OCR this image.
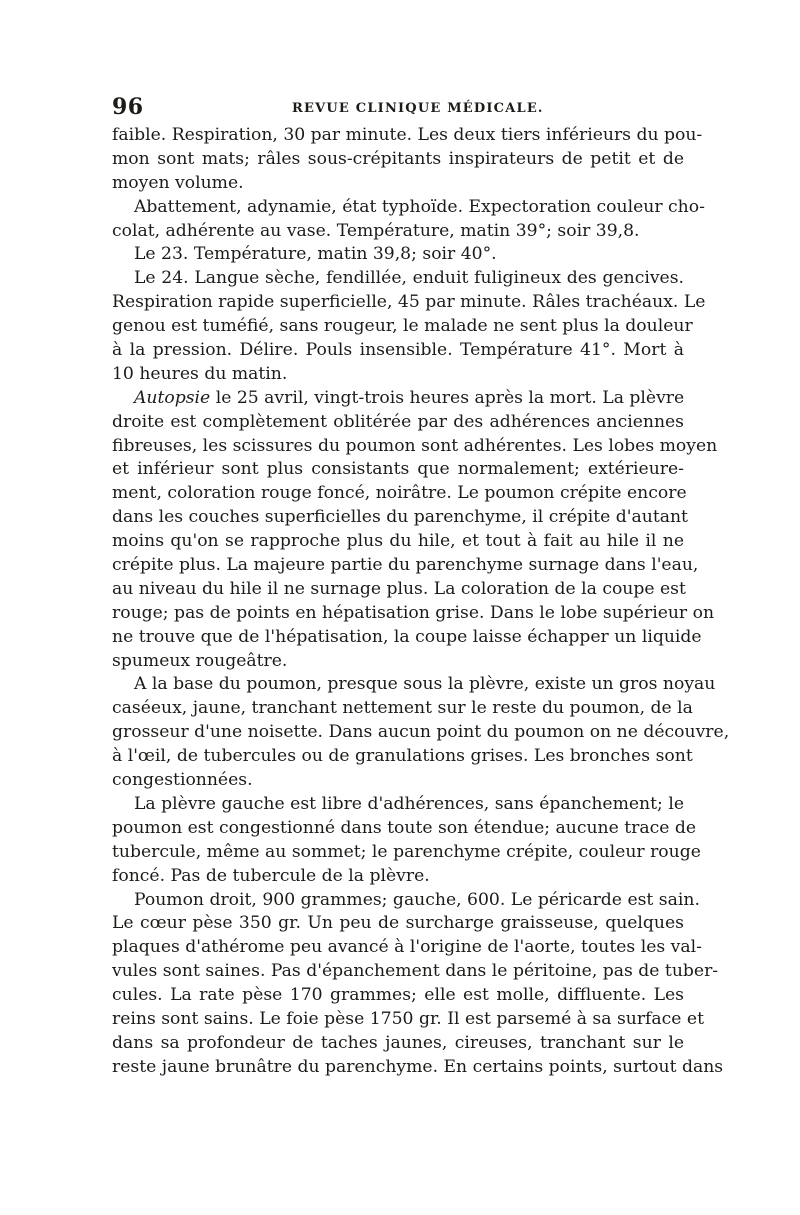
96	REVUE CLINIQUE MÉDICALE.
faible. Respiration, 30 par minute. Les deux tiers inférieurs du pou-
mon sont mats; râles sous-crépitants inspirateurs de petit et de
moyen volume.
Abattement, adynamie, état typhoïde. Expectoration couleur cho-
colat, adhérente au vase. Température, matin 39°; soir 39,8.
Le 23. Température, matin 39,8; soir 40°.
Le 24. Langue sèche, fendillée, enduit fuligineux des gencives.
Respiration rapide superficielle, 45 par minute. Râles trachéaux. Le
genou est tuméfié, sans rougeur, le malade ne sent plus la douleur
à la pression. Délire. Pouls insensible. Température 41°. Mort à
10 heures du matin.
Autopsie le 25 avril, vingt-trois heures après la mort. La plèvre
droite est complètement oblitérée par des adhérences anciennes
fibreuses, les scissures du poumon sont adhérentes. Les lobes moyen
et inférieur sont plus consistants que normalement; extérieure-
ment, coloration rouge foncé, noirâtre. Le poumon crépite encore
dans les couches superficielles du parenchyme, il crépite d'autant
moins qu'on se rapproche plus du hile, et tout à fait au hile il ne
crépite plus. La majeure partie du parenchyme surnage dans l'eau,
au niveau du hile il ne surnage plus. La coloration de la coupe est
rouge; pas de points en hépatisation grise. Dans le lobe supérieur on
ne trouve que de l'hépatisation, la coupe laisse échapper un liquide
spumeux rougeâtre.
A la base du poumon, presque sous la plèvre, existe un gros noyau
caséeux, jaune, tranchant nettement sur le reste du poumon, de la
grosseur d'une noisette. Dans aucun point du poumon on ne découvre,
à l'œil, de tubercules ou de granulations grises. Les bronches sont
congestionnées.
La plèvre gauche est libre d'adhérences, sans épanchement; le
poumon est congestionné dans toute son étendue; aucune trace de
tubercule, même au sommet; le parenchyme crépite, couleur rouge
foncé. Pas de tubercule de la plèvre.
Poumon droit, 900 grammes; gauche, 600. Le péricarde est sain.
Le cœur pèse 350 gr. Un peu de surcharge graisseuse, quelques
plaques d'athérome peu avancé à l'origine de l'aorte, toutes les val-
vules sont saines. Pas d'épanchement dans le péritoine, pas de tuber-
cules. La rate pèse 170 grammes; elle est molle, diffluente. Les
reins sont sains. Le foie pèse 1750 gr. Il est parsemé à sa surface et
dans sa profondeur de taches jaunes, cireuses, tranchant sur le
reste jaune brunâtre du parenchyme. En certains points, surtout dans
